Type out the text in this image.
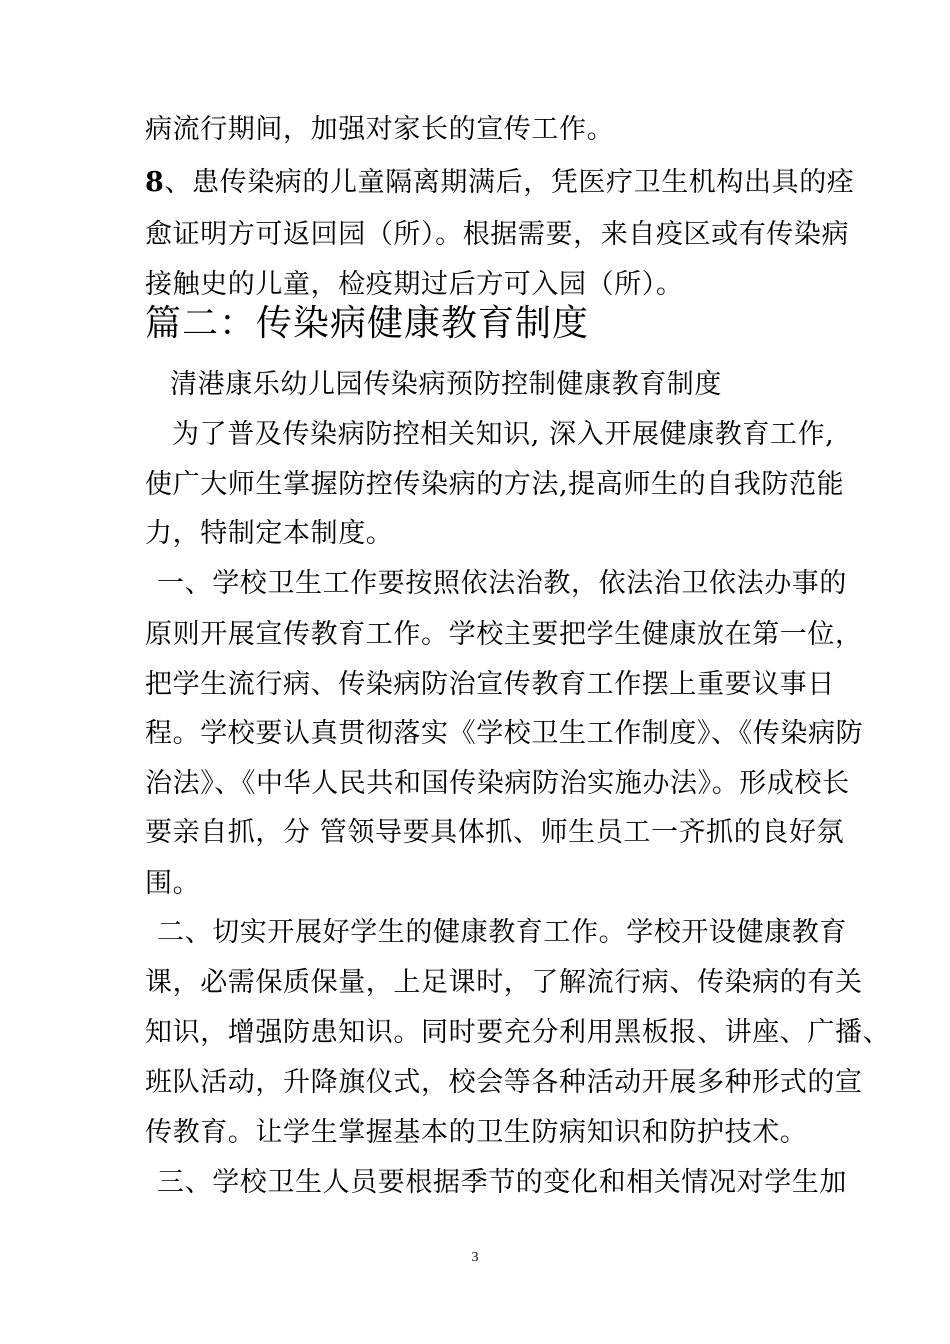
病流行期间，加强对家长的宣传工作。
8、患传染病的儿童隔离期满后，凭医疗卫生机构出具的痊
愈证明方可返回园（所）。根据需要，来自疫区或有传染病
接触史的儿童，检疫期过后方可入园（所）。
篇二：传染病健康教育制度
清港康乐幼儿园传染病预防控制健康教育制度
为了普及传染病防控相关知识, 深入开展健康教育工作,
使广大师生掌握防控传染病的方法,提高师生的自我防范能
力，特制定本制度。
一、学校卫生工作要按照依法治教，依法治卫依法办事的
原则开展宣传教育工作。学校主要把学生健康放在第一位，
把学生流行病、传染病防治宣传教育工作摆上重要议事日
程。学校要认真贯彻落实《学校卫生工作制度》、《传染病防
治法》、《中华人民共和国传染病防治实施办法》。形成校长
要亲自抓，分 管领导要具体抓、师生员工一齐抓的良好氛
围。
二、切实开展好学生的健康教育工作。学校开设健康教育
课，必需保质保量，上足课时，了解流行病、传染病的有关
知识，增强防患知识。同时要充分利用黑板报、讲座、广播、
班队活动，升降旗仪式，校会等各种活动开展多种形式的宣
传教育。让学生掌握基本的卫生防病知识和防护技术。
三、学校卫生人员要根据季节的变化和相关情况对学生加
3
